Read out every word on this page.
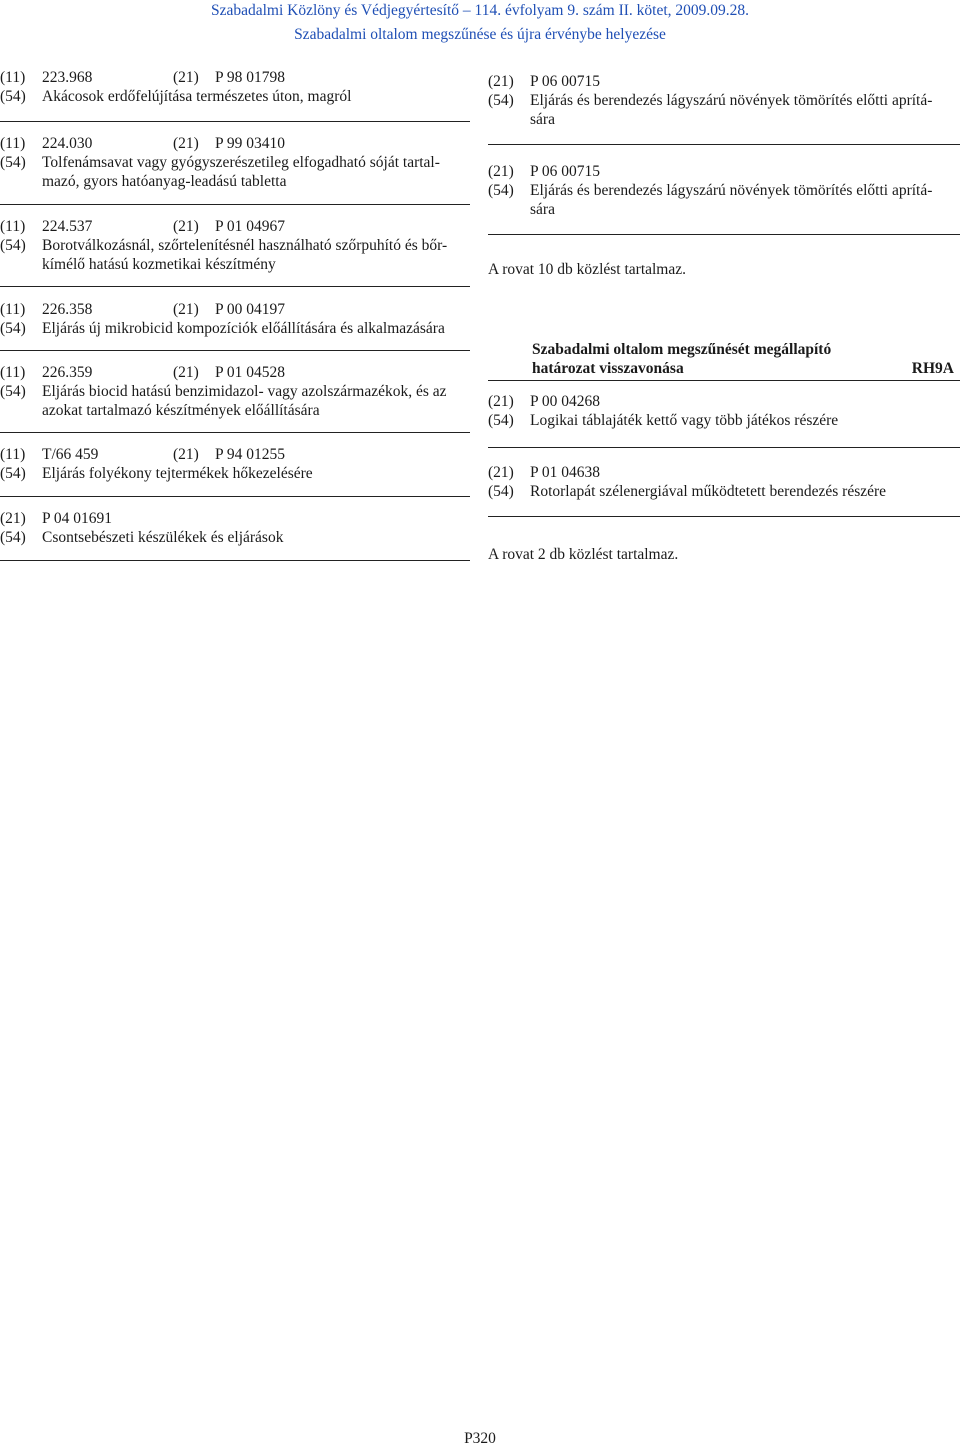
Szabadalmi Közlöny és Védjegyértesítő – 114. évfolyam 9. szám II. kötet, 2009.09.28.
Szabadalmi oltalom megszűnése és újra érvénybe helyezése
(11) 223.968	(21) P 98 01798
(54)	Akácosok erdőfelújítása természetes úton, magról
(11) 224.030	(21) P 99 03410
(54)	Tolfenámsavat vagy gyógyszerészetileg elfogadható sóját tartal-
mazó, gyors hatóanyag-leadású tabletta
(11) 224.537	(21) P 01 04967
(54)	Borotválkozásnál, szőrtelenítésnél használható szőrpuhító és bőr-
kímélő hatású kozmetikai készítmény
(11) 226.358	(21) P 00 04197
(54)	Eljárás új mikrobicid kompozíciók előállítására és alkalmazására
(11) 226.359	(21) P 01 04528
(54)	Eljárás biocid hatású benzimidazol- vagy azolszármazékok, és az
azokat tartalmazó készítmények előállítására
(11) T/66 459	(21) P 94 01255
(54)	Eljárás folyékony tejtermékek hőkezelésére
(21) P 04 01691
(54)	Csontsebészeti készülékek és eljárások
(21) P 06 00715
(54)	Eljárás és berendezés lágyszárú növények tömörítés előtti aprítá-
sára
(21) P 06 00715
(54)	Eljárás és berendezés lágyszárú növények tömörítés előtti aprítá-
sára
A rovat 10 db közlést tartalmaz.
Szabadalmi oltalom megszűnését megállapító
határozat visszavonása	RH9A
(21) P 00 04268
(54)	Logikai táblajáték kettő vagy több játékos részére
(21) P 01 04638
(54)	Rotorlapát szélenergiával működtetett berendezés részére
A rovat 2 db közlést tartalmaz.
P320
